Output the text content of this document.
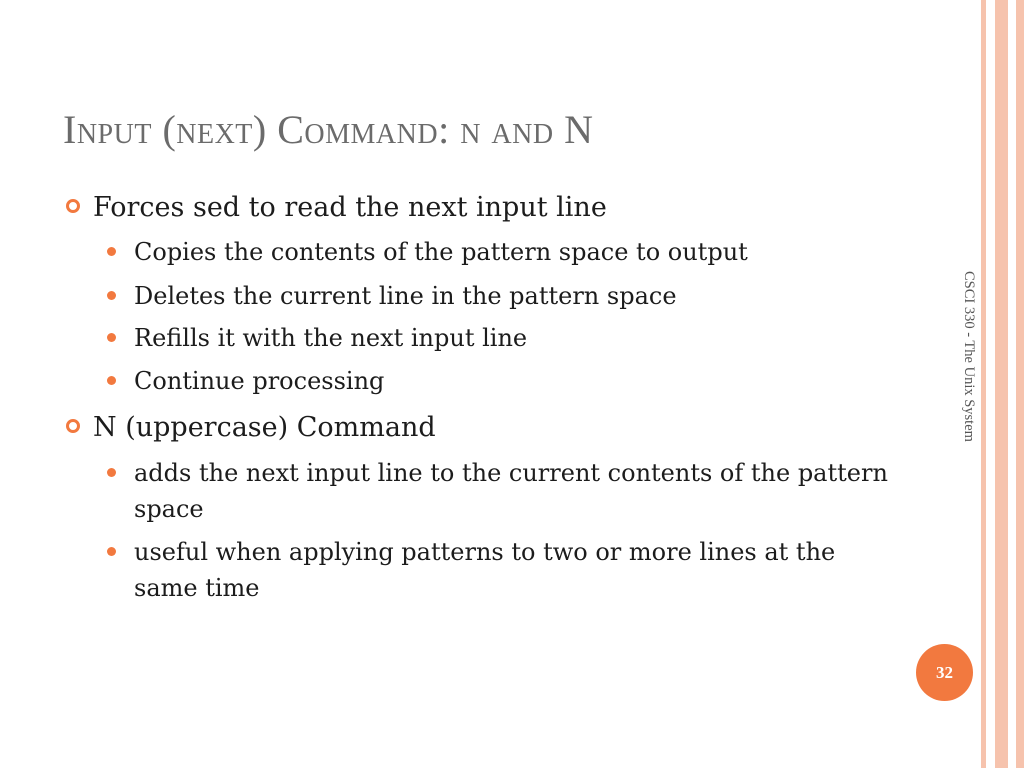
Input (next) Command: n and N
Forces sed to read the next input line
Copies the contents of the pattern space to output
Deletes the current line in the pattern space
Refills it with the next input line
Continue processing
N (uppercase) Command
adds the next input line to the current contents of the pattern space
useful when applying patterns to two or more lines at the same time
CSCI 330 - The Unix System
32
